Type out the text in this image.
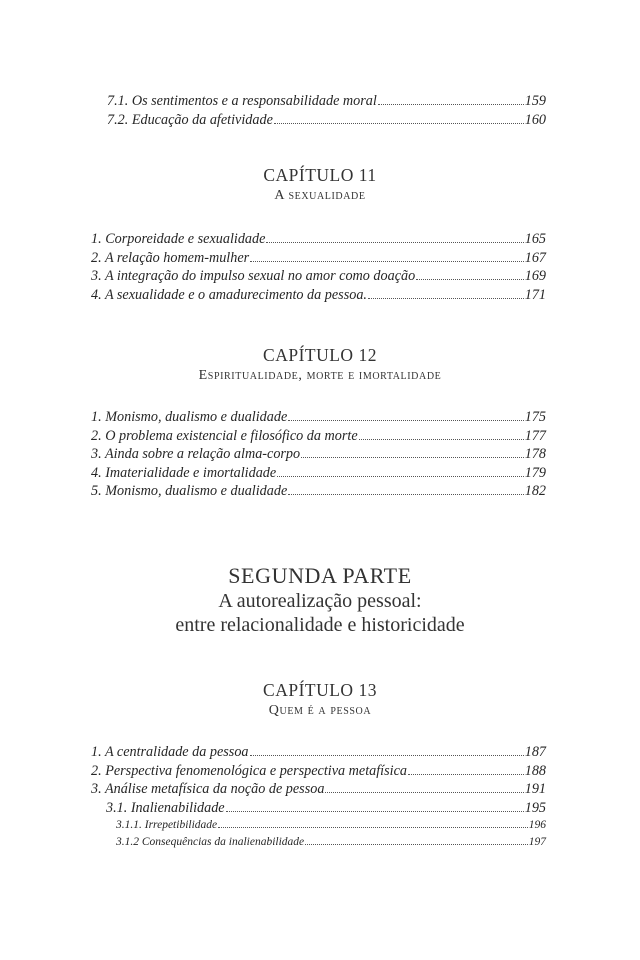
7.1. Os sentimentos e a responsabilidade moral	159
7.2. Educação da afetividade	160
CAPÍTULO 11
A sexualidade
1. Corporeidade e sexualidade	165
2. A relação homem-mulher	167
3. A integração do impulso sexual no amor como doação	169
4. A sexualidade e o amadurecimento da pessoa.	171
CAPÍTULO 12
Espiritualidade, morte e imortalidade
1. Monismo, dualismo e dualidade	175
2. O problema existencial e filosófico da morte	177
3. Ainda sobre a relação alma-corpo	178
4. Imaterialidade e imortalidade	179
5. Monismo, dualismo e dualidade	182
SEGUNDA PARTE
A autorealização pessoal:
entre relacionalidade e historicidade
CAPÍTULO 13
Quem é a pessoa
1. A centralidade da pessoa	187
2. Perspectiva fenomenológica e perspectiva metafísica	188
3. Análise metafísica da noção de pessoa	191
3.1. Inalienabilidade	195
3.1.1. Irrepetibilidade	196
3.1.2 Consequências da inalienabilidade	197
